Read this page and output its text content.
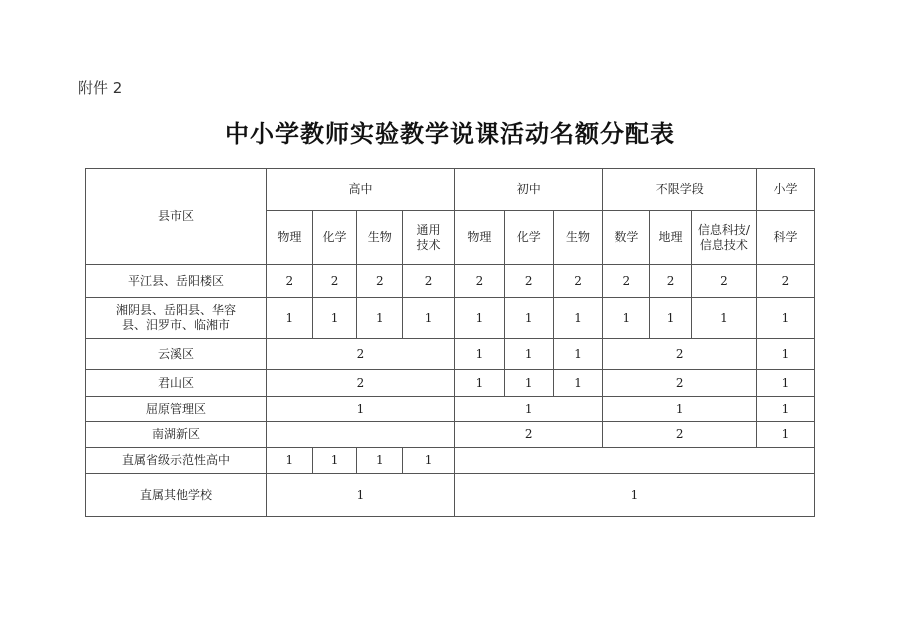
附件 2
中小学教师实验教学说课活动名额分配表
县市区	高中				初中			不限学段			小学
	物理	化学	生物	通用技术	物理	化学	生物	数学	地理	信息科技/信息技术	科学
平江县、岳阳楼区	2	2	2	2	2	2	2	2	2	2	2

湘阴县、岳阳县、华容县、汨罗市、临湘市	1	1	1	1	1	1	1	1	1	1	1
云溪区	2				1	1	1	2			1
君山区	2				1	1	1	2			1
屈原管理区	1				1			1			1
南湖新区					2			2			1
直属省级示范性高中	1	1	1	1							
直属其他学校	1				1						
